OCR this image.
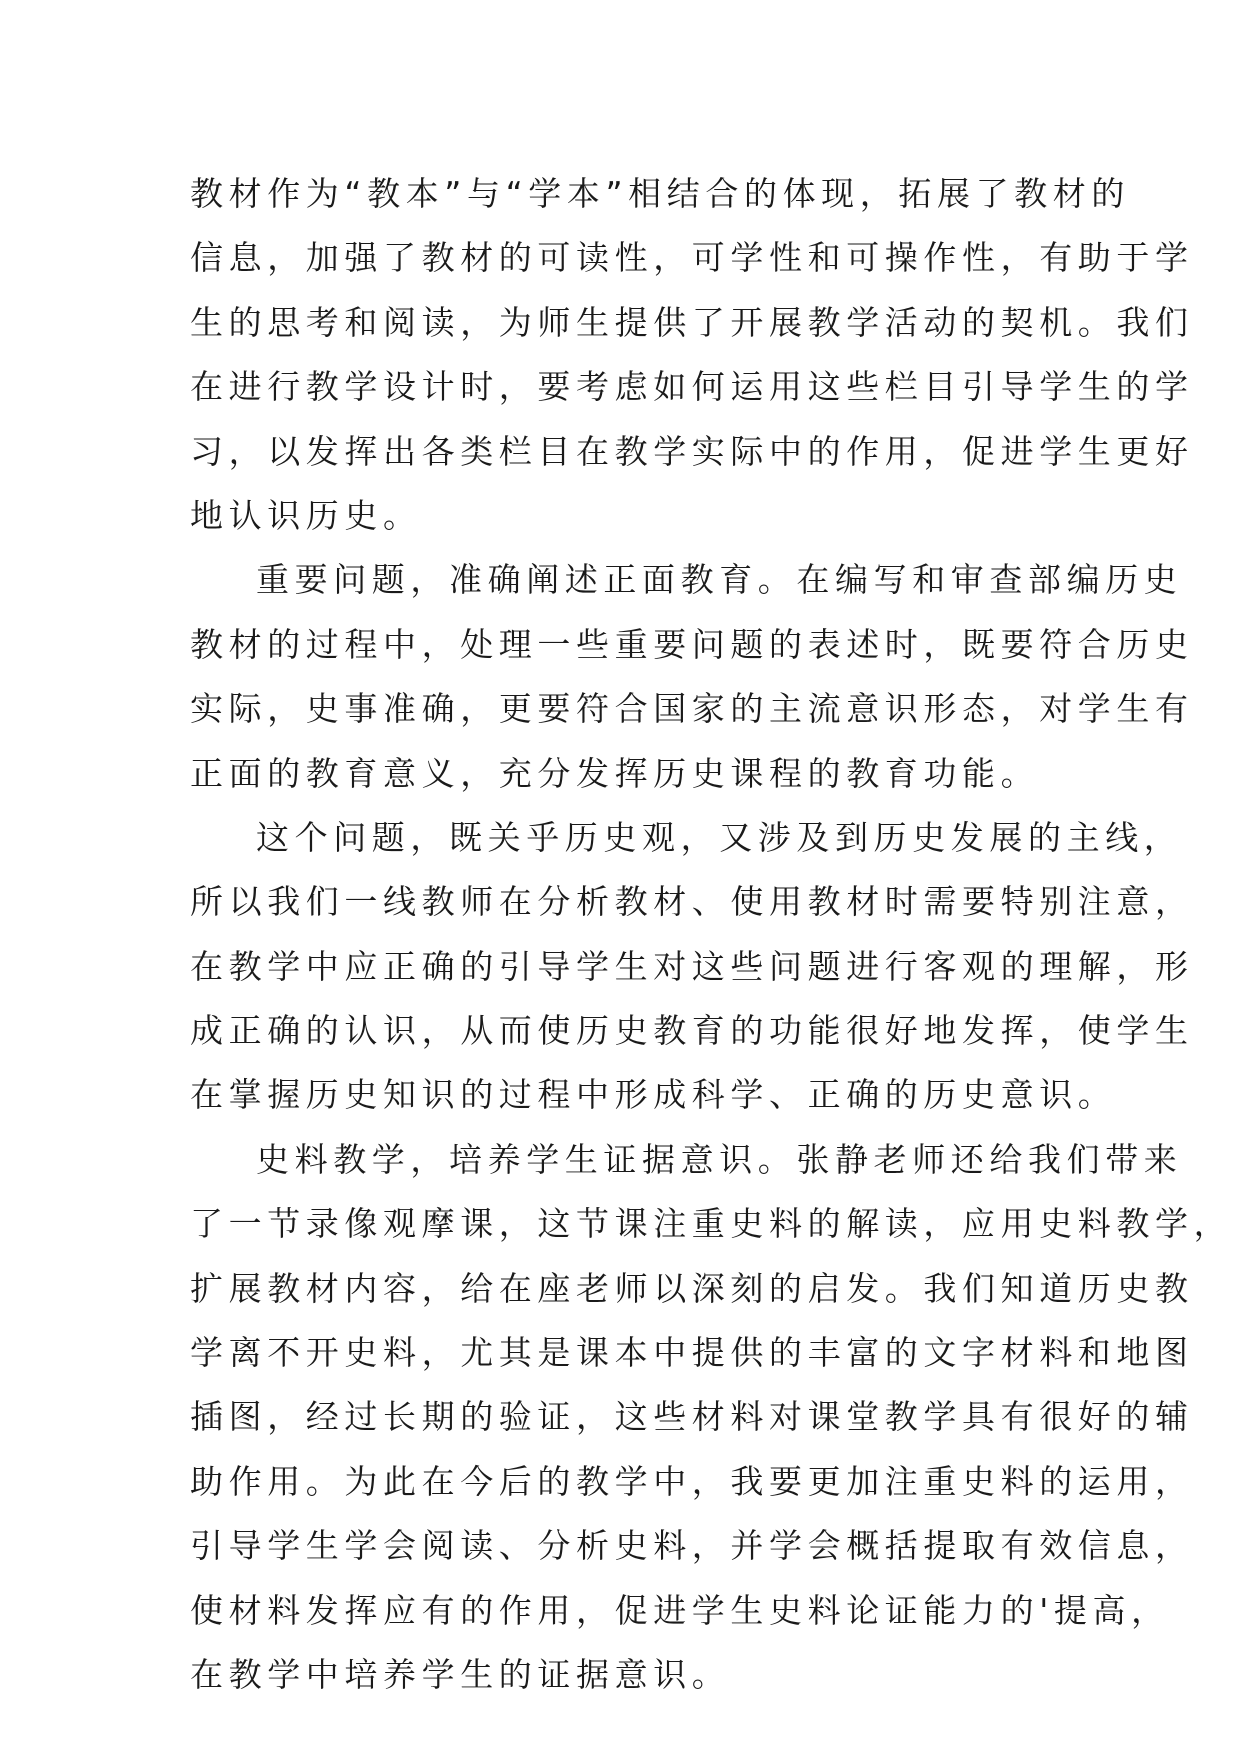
教材作为“教本”与“学本”相结合的体现，拓展了教材的
信息，加强了教材的可读性，可学性和可操作性，有助于学
生的思考和阅读，为师生提供了开展教学活动的契机。我们
在进行教学设计时，要考虑如何运用这些栏目引导学生的学
习，以发挥出各类栏目在教学实际中的作用，促进学生更好
地认识历史。
重要问题，准确阐述正面教育。在编写和审查部编历史
教材的过程中，处理一些重要问题的表述时，既要符合历史
实际，史事准确，更要符合国家的主流意识形态，对学生有
正面的教育意义，充分发挥历史课程的教育功能。
这个问题，既关乎历史观，又涉及到历史发展的主线，
所以我们一线教师在分析教材、使用教材时需要特别注意，
在教学中应正确的引导学生对这些问题进行客观的理解，形
成正确的认识，从而使历史教育的功能很好地发挥，使学生
在掌握历史知识的过程中形成科学、正确的历史意识。
史料教学，培养学生证据意识。张静老师还给我们带来
了一节录像观摩课，这节课注重史料的解读，应用史料教学，
扩展教材内容，给在座老师以深刻的启发。我们知道历史教
学离不开史料，尤其是课本中提供的丰富的文字材料和地图
插图，经过长期的验证，这些材料对课堂教学具有很好的辅
助作用。为此在今后的教学中，我要更加注重史料的运用，
引导学生学会阅读、分析史料，并学会概括提取有效信息，
使材料发挥应有的作用，促进学生史料论证能力的'提高，
在教学中培养学生的证据意识。
